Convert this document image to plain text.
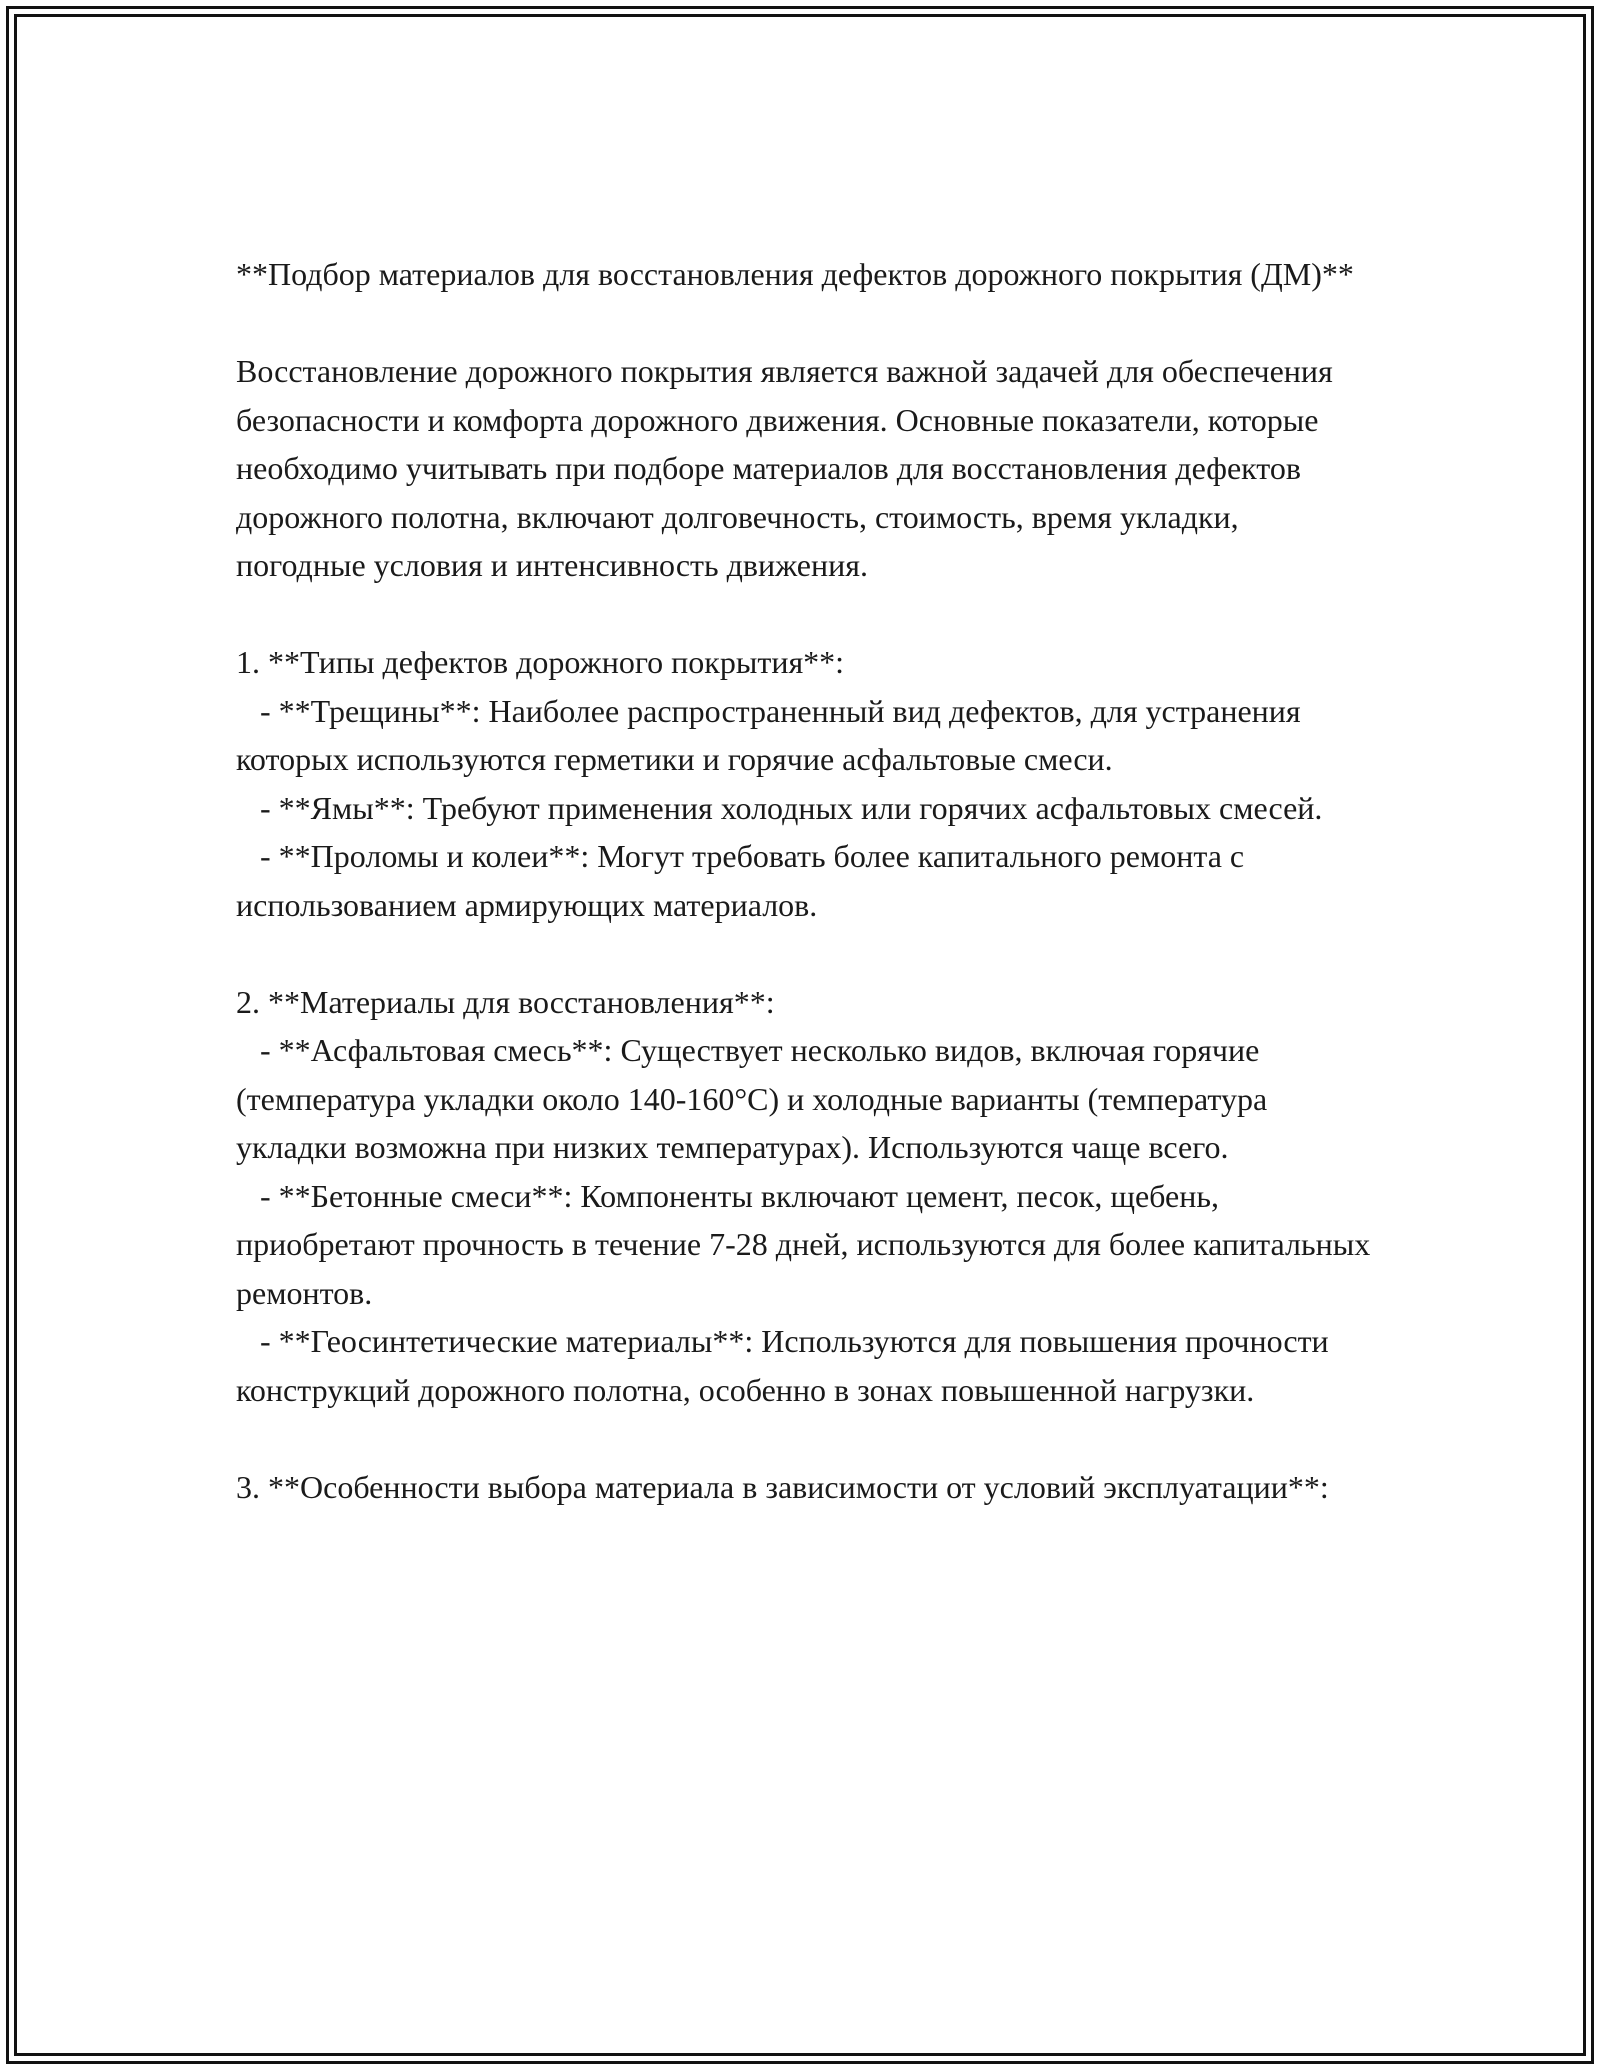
**Подбор материалов для восстановления дефектов дорожного покрытия (ДМ)**

Восстановление дорожного покрытия является важной задачей для обеспечения безопасности и комфорта дорожного движения. Основные показатели, которые необходимо учитывать при подборе материалов для восстановления дефектов дорожного полотна, включают долговечность, стоимость, время укладки, погодные условия и интенсивность движения.

1. **Типы дефектов дорожного покрытия**:

- **Трещины**: Наиболее распространенный вид дефектов, для устранения которых используются герметики и горячие асфальтовые смеси.

- **Ямы**: Требуют применения холодных или горячих асфальтовых смесей.

- **Проломы и колеи**: Могут требовать более капитального ремонта с использованием армирующих материалов.

2. **Материалы для восстановления**:

- **Асфальтовая смесь**: Существует несколько видов, включая горячие (температура укладки около 140-160°C) и холодные варианты (температура укладки возможна при низких температурах). Используются чаще всего.

- **Бетонные смеси**: Компоненты включают цемент, песок, щебень, приобретают прочность в течение 7-28 дней, используются для более капитальных ремонтов.

- **Геосинтетические материалы**: Используются для повышения прочности конструкций дорожного полотна, особенно в зонах повышенной нагрузки.

3. **Особенности выбора материала в зависимости от условий эксплуатации**:
